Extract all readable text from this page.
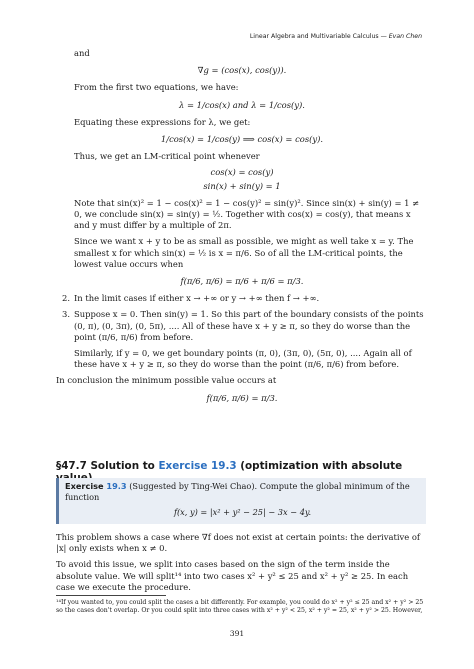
Linear Algebra and Multivariable Calculus — Evan Chen

and

∇g = (cos(x), cos(y)).

From the first two equations, we have:

λ = 1/cos(x) and λ = 1/cos(y).

Equating these expressions for λ, we get:

1/cos(x) = 1/cos(y) ⟹ cos(x) = cos(y).

Thus, we get an LM-critical point whenever

cos(x) = cos(y)
sin(x) + sin(y) = 1

Note that sin(x)² = 1 − cos(x)² = 1 − cos(y)² = sin(y)². Since sin(x) + sin(y) = 1 ≠ 0, we conclude sin(x) = sin(y) = ½. Together with cos(x) = cos(y), that means x and y must differ by a multiple of 2π.

Since we want x + y to be as small as possible, we might as well take x = y. The smallest x for which sin(x) = ½ is x = π/6. So of all the LM-critical points, the lowest value occurs when

f(π/6, π/6) = π/6 + π/6 = π/3.
2. In the limit cases if either x → +∞ or y → +∞ then f → +∞.

3. Suppose x = 0. Then sin(y) = 1. So this part of the boundary consists of the points (0, π), (0, 3π), (0, 5π), .... All of these have x + y ≥ π, so they do worse than the point (π/6, π/6) from before.

Similarly, if y = 0, we get boundary points (π, 0), (3π, 0), (5π, 0), .... Again all of these have x + y ≥ π, so they do worse than the point (π/6, π/6) from before.

In conclusion the minimum possible value occurs at

f(π/6, π/6) = π/3.
§47.7 Solution to Exercise 19.3 (optimization with absolute
Exercise 19.3 (Suggested by Ting-Wei Chao). Compute the global minimum of the function
f(x, y) = |x² + y² − 25| − 3x − 4y.

This problem shows a case where ∇f does not exist at certain points: the derivative of |x| only exists when x ≠ 0.

To avoid this issue, we split into cases based on the sign of the term inside the absolute value. We will split¹⁴ into two cases x² + y² ≤ 25 and x² + y² ≥ 25. In each case we execute the procedure.

¹⁴If you wanted to, you could split the cases a bit differently. For example, you could do x² + y² ≤ 25 and x² + y² > 25 so the cases don't overlap. Or you could split into three cases with x² + y² < 25, x² + y² = 25, x² + y² > 25. However,
391
